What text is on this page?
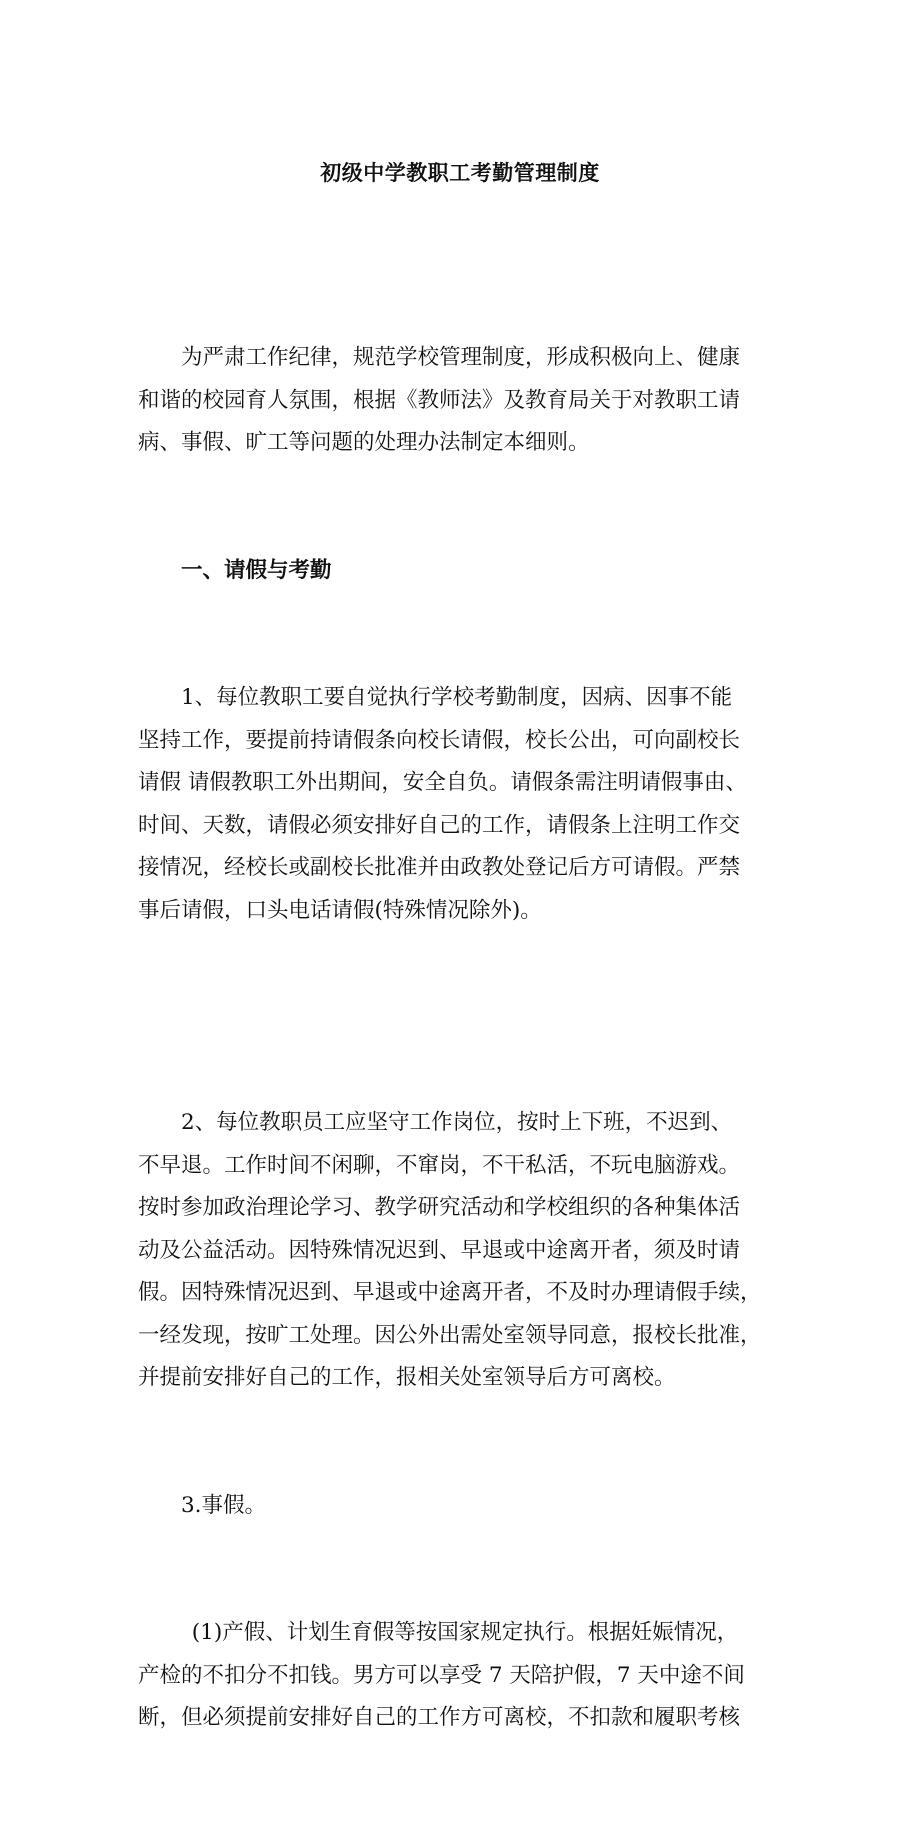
初级中学教职工考勤管理制度

为严肃工作纪律，规范学校管理制度，形成积极向上、健康
和谐的校园育人氛围，根据《教师法》及教育局关于对教职工请
病、事假、旷工等问题的处理办法制定本细则。

一、请假与考勤

1、每位教职工要自觉执行学校考勤制度，因病、因事不能
坚持工作，要提前持请假条向校长请假，校长公出，可向副校长
请假 请假教职工外出期间，安全自负。请假条需注明请假事由、
时间、天数，请假必须安排好自己的工作，请假条上注明工作交
接情况，经校长或副校长批准并由政教处登记后方可请假。严禁
事后请假，口头电话请假(特殊情况除外)。

2、每位教职员工应坚守工作岗位，按时上下班，不迟到、
不早退。工作时间不闲聊，不窜岗，不干私活，不玩电脑游戏。
按时参加政治理论学习、教学研究活动和学校组织的各种集体活
动及公益活动。因特殊情况迟到、早退或中途离开者，须及时请
假。因特殊情况迟到、早退或中途离开者，不及时办理请假手续，
一经发现，按旷工处理。因公外出需处室领导同意，报校长批准，
并提前安排好自己的工作，报相关处室领导后方可离校。

3.事假。

(1)产假、计划生育假等按国家规定执行。根据妊娠情况，
产检的不扣分不扣钱。男方可以享受 7 天陪护假，7 天中途不间
断，但必须提前安排好自己的工作方可离校，不扣款和履职考核
